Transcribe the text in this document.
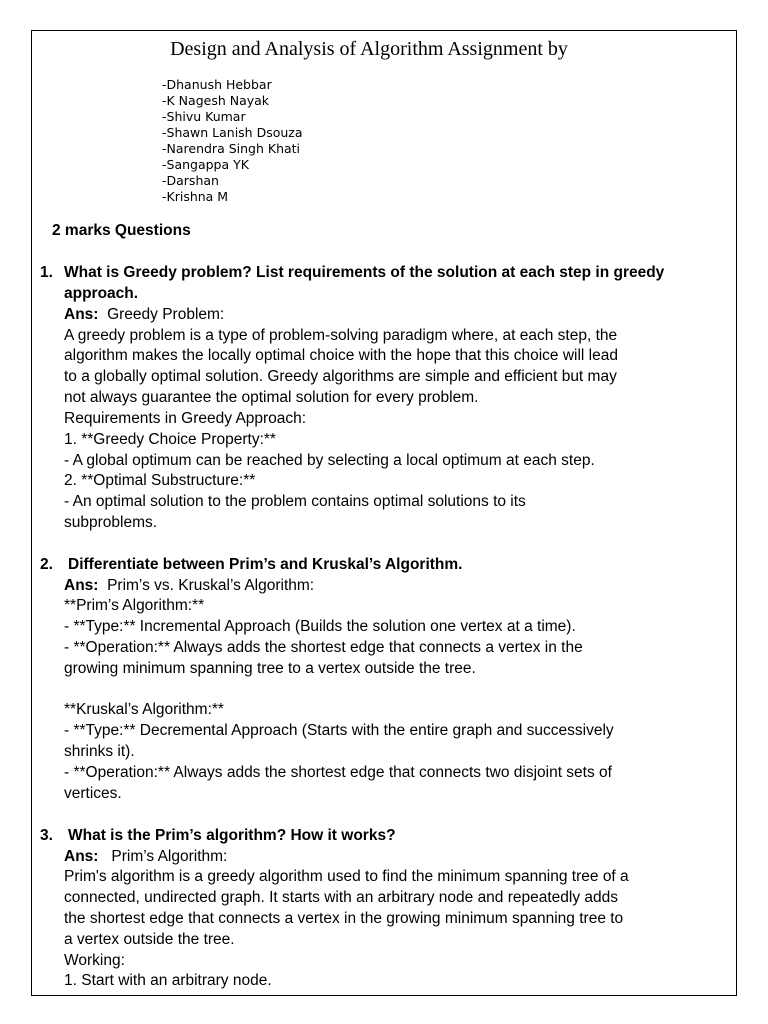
Design and Analysis of Algorithm Assignment by
-Dhanush Hebbar
-K Nagesh Nayak
-Shivu Kumar
-Shawn Lanish Dsouza
-Narendra Singh Khati
-Sangappa YK
-Darshan
-Krishna M
2 marks Questions
1. What is Greedy problem? List requirements of the solution at each step in greedy
approach.
Ans: Greedy Problem:
A greedy problem is a type of problem-solving paradigm where, at each step, the
algorithm makes the locally optimal choice with the hope that this choice will lead
to a globally optimal solution. Greedy algorithms are simple and efficient but may
not always guarantee the optimal solution for every problem.
Requirements in Greedy Approach:
1. **Greedy Choice Property:**
- A global optimum can be reached by selecting a local optimum at each step.
2. **Optimal Substructure:**
- An optimal solution to the problem contains optimal solutions to its
subproblems.
2. Differentiate between Prim’s and Kruskal’s Algorithm.
Ans: Prim’s vs. Kruskal’s Algorithm:
**Prim’s Algorithm:**
- **Type:** Incremental Approach (Builds the solution one vertex at a time).
- **Operation:** Always adds the shortest edge that connects a vertex in the
growing minimum spanning tree to a vertex outside the tree.
**Kruskal’s Algorithm:**
- **Type:** Decremental Approach (Starts with the entire graph and successively
shrinks it).
- **Operation:** Always adds the shortest edge that connects two disjoint sets of
vertices.
3. What is the Prim’s algorithm? How it works?
Ans: Prim’s Algorithm:
Prim's algorithm is a greedy algorithm used to find the minimum spanning tree of a
connected, undirected graph. It starts with an arbitrary node and repeatedly adds
the shortest edge that connects a vertex in the growing minimum spanning tree to
a vertex outside the tree.
Working:
1. Start with an arbitrary node.
